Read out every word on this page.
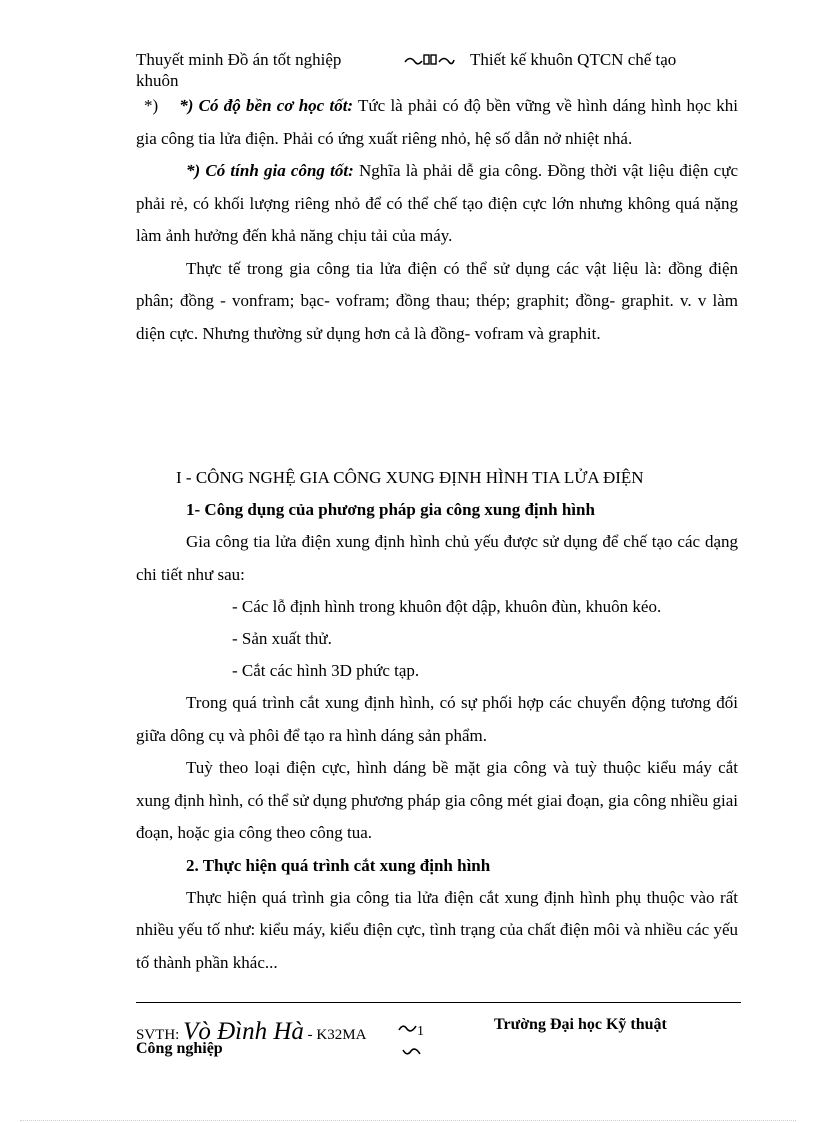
Thuyết minh Đồ án tốt nghiệp	Thiết kế khuôn QTCN chế tạo
khuôn

*) *) Có độ bền cơ học tốt: Tức là phải có độ bền vững về hình dáng hình học khi gia công tia lửa điện. Phải có ứng xuất riêng nhỏ, hệ số dẫn nở nhiệt nhá.

*) Có tính gia công tốt: Nghĩa là phải dễ gia công. Đồng thời vật liệu điện cực phải rẻ, có khối lượng riêng nhỏ để có thể chế tạo điện cực lớn nhưng không quá nặng làm ảnh hưởng đến khả năng chịu tải của máy.

Thực tế trong gia công tia lửa điện có thể sử dụng các vật liệu là: đồng điện phân; đồng - vonfram; bạc- vofram; đồng thau; thép; graphit; đồng- graphit. v. v làm diện cực. Nhưng thường sử dụng hơn cả là đồng- vofram và graphit.

I - CÔNG NGHỆ GIA CÔNG XUNG ĐỊNH HÌNH TIA LỬA ĐIỆN

1- Công dụng của phương pháp gia công xung định hình

Gia công tia lửa điện xung định hình chủ yếu được sử dụng để chế tạo các dạng chi tiết như sau:

- Các lỗ định hình trong khuôn đột dập, khuôn đùn, khuôn kéo.

- Sản xuất thử.

- Cắt các hình 3D phức tạp.

Trong quá trình cắt xung định hình, có sự phối hợp các chuyển động tương đối giữa dông cụ và phôi để tạo ra hình dáng sản phẩm.

Tuỳ theo loại điện cực, hình dáng bề mặt gia công và tuỳ thuộc kiểu máy cắt xung định hình, có thể sử dụng phương pháp gia công mét giai đoạn, gia công nhiều giai đoạn, hoặc gia công theo công tua.

2. Thực hiện quá trình cắt xung định hình

Thực hiện quá trình gia công tia lửa điện cắt xung định hình phụ thuộc vào rất nhiều yếu tố như: kiểu máy, kiểu điện cực, tình trạng của chất điện môi và nhiều các yếu tố thành phần khác...

SVTH: Vò Đình Hà - K32MA	1	Trường Đại học Kỹ thuật
Công nghiệp
